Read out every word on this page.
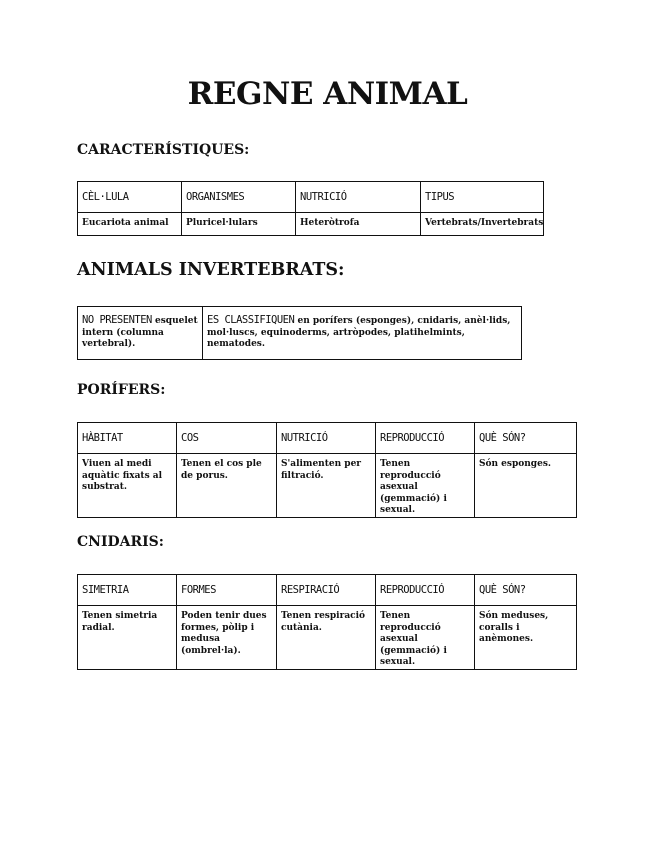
REGNE ANIMAL
CARACTERÍSTIQUES:
CÈL·LULA	ORGANISMES	NUTRICIÓ	TIPUS
Eucariota animal	Pluricel·lulars	Heteròtrofa	Vertebrats/Invertebrats
ANIMALS INVERTEBRATS:
NO PRESENTEN esquelet intern (columna vertebral).	ES CLASSIFIQUEN en porífers (esponges), cnidaris, anèl·lids, mol·luscs, equinoderms, artròpodes, platihelmints, nematodes.
PORÍFERS:
HÀBITAT	COS	NUTRICIÓ	REPRODUCCIÓ	QUÈ SÓN?
Viuen al medi aquàtic fixats al substrat.	Tenen el cos ple de porus.	S'alimenten per filtració.	Tenen reproducció asexual (gemmació) i sexual.	Són esponges.
CNIDARIS:
SIMETRIA	FORMES	RESPIRACIÓ	REPRODUCCIÓ	QUÈ SÓN?
Tenen simetria radial.	Poden tenir dues formes, pòlip i medusa (ombrel·la).	Tenen respiració cutània.	Tenen reproducció asexual (gemmació) i sexual.	Són meduses, coralls i anèmones.
